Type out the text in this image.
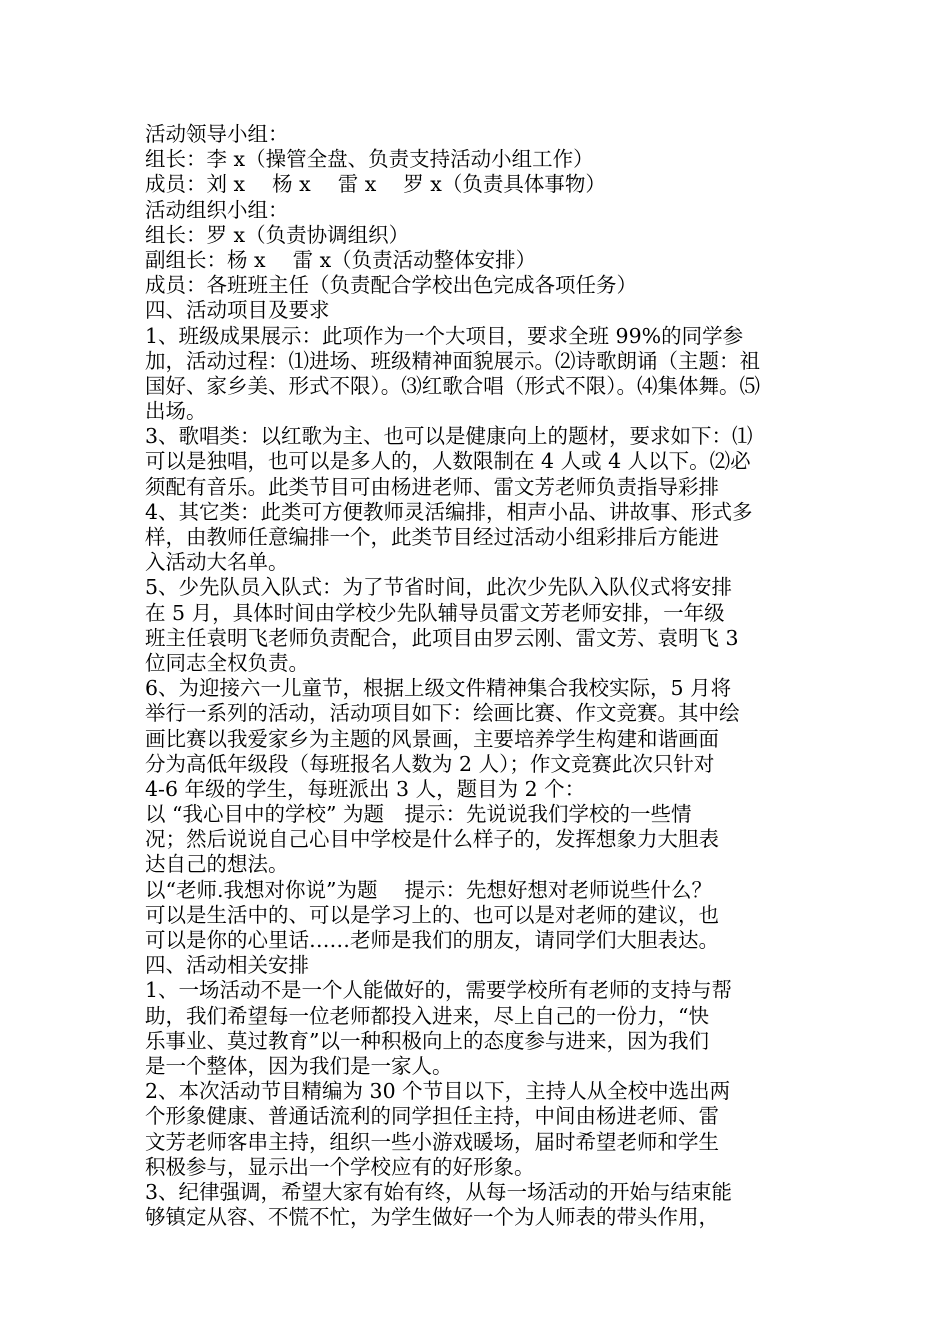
活动领导小组：
组长：李 x（操管全盘、负责支持活动小组工作）
成员：刘 x　 杨 x　 雷 x　 罗 x（负责具体事物）
活动组织小组：
组长：罗 x（负责协调组织）
副组长：杨 x　 雷 x（负责活动整体安排）
成员：各班班主任（负责配合学校出色完成各项任务）
四、活动项目及要求
1、班级成果展示：此项作为一个大项目，要求全班 99%的同学参
加，活动过程：⑴进场、班级精神面貌展示。⑵诗歌朗诵（主题：祖
国好、家乡美、形式不限）。⑶红歌合唱（形式不限）。⑷集体舞。⑸
出场。
3、歌唱类：以红歌为主、也可以是健康向上的题材，要求如下：⑴
可以是独唱，也可以是多人的，人数限制在 4 人或 4 人以下。⑵必
须配有音乐。此类节目可由杨进老师、雷文芳老师负责指导彩排
4、其它类：此类可方便教师灵活编排，相声小品、讲故事、形式多
样，由教师任意编排一个，此类节目经过活动小组彩排后方能进
入活动大名单。
5、少先队员入队式：为了节省时间，此次少先队入队仪式将安排
在 5 月，具体时间由学校少先队辅导员雷文芳老师安排，一年级
班主任袁明飞老师负责配合，此项目由罗云刚、雷文芳、袁明飞 3
位同志全权负责。
6、为迎接六一儿童节，根据上级文件精神集合我校实际，5 月将
举行一系列的活动，活动项目如下：绘画比赛、作文竞赛。其中绘
画比赛以我爱家乡为主题的风景画，主要培养学生构建和谐画面
分为高低年级段（每班报名人数为 2 人）；作文竞赛此次只针对
4-6 年级的学生，每班派出 3 人，题目为 2 个：
以 “我心目中的学校” 为题　提示：先说说我们学校的一些情
况；然后说说自己心目中学校是什么样子的，发挥想象力大胆表
达自己的想法。
以“老师.我想对你说”为题　 提示：先想好想对老师说些什么？
可以是生活中的、可以是学习上的、也可以是对老师的建议，也
可以是你的心里话……老师是我们的朋友，请同学们大胆表达。
四、活动相关安排
1、一场活动不是一个人能做好的，需要学校所有老师的支持与帮
助，我们希望每一位老师都投入进来，尽上自己的一份力，“快
乐事业、莫过教育”以一种积极向上的态度参与进来，因为我们
是一个整体，因为我们是一家人。
2、本次活动节目精编为 30 个节目以下，主持人从全校中选出两
个形象健康、普通话流利的同学担任主持，中间由杨进老师、雷
文芳老师客串主持，组织一些小游戏暖场，届时希望老师和学生
积极参与，显示出一个学校应有的好形象。
3、纪律强调，希望大家有始有终，从每一场活动的开始与结束能
够镇定从容、不慌不忙，为学生做好一个为人师表的带头作用，
